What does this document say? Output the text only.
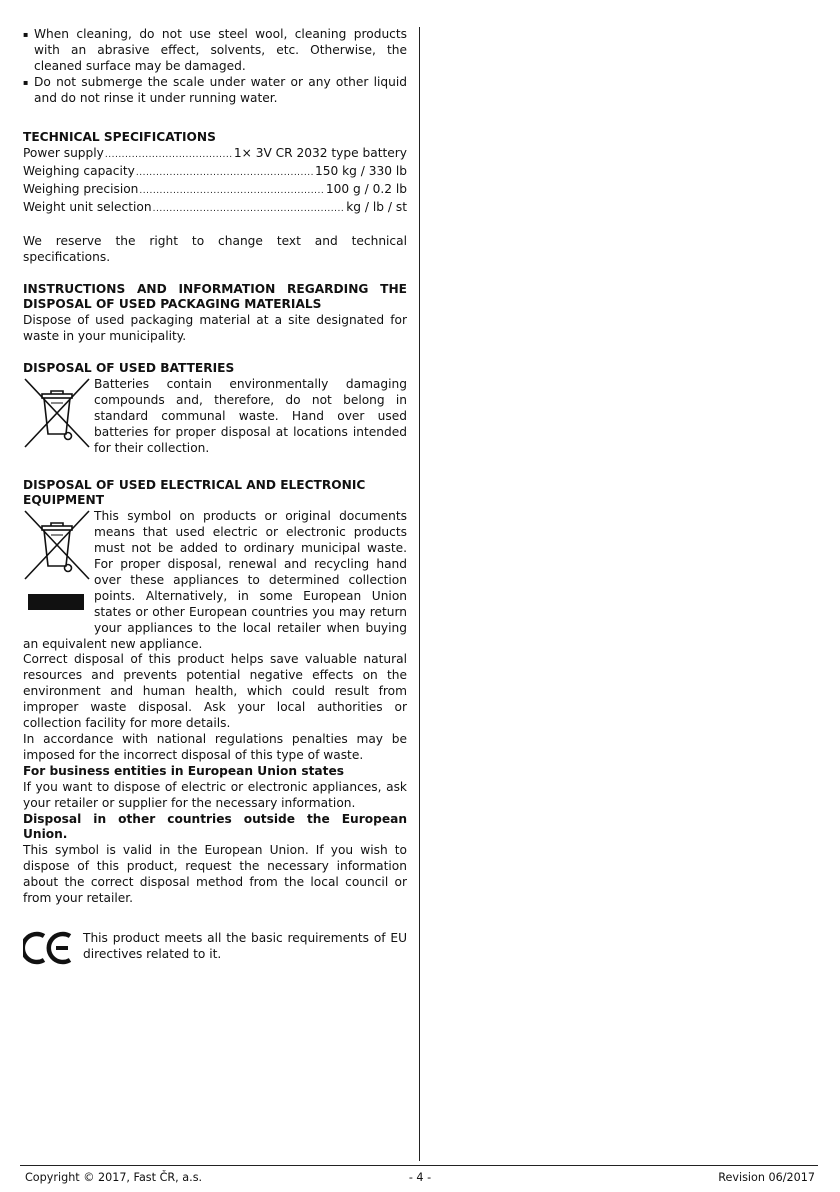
▪ When cleaning, do not use steel wool, cleaning products with an abrasive effect, solvents, etc. Otherwise, the cleaned surface may be damaged.
▪ Do not submerge the scale under water or any other liquid and do not rinse it under running water.
TECHNICAL SPECIFICATIONS
Power supply .....	1× 3V CR 2032 type battery
Weighing capacity .....	150 kg / 330 lb
Weighing precision .....	100 g / 0.2 lb
Weight unit selection .....	kg / lb / st

We reserve the right to change text and technical specifications.

INSTRUCTIONS AND INFORMATION REGARDING THE DISPOSAL OF USED PACKAGING MATERIALS

Dispose of used packaging material at a site designated for waste in your municipality.

DISPOSAL OF USED BATTERIES

Batteries contain environmentally damaging compounds and, therefore, do not belong in standard communal waste. Hand over used batteries for proper disposal at locations intended for their collection.

DISPOSAL OF USED ELECTRICAL AND ELECTRONIC EQUIPMENT

This symbol on products or original documents means that used electric or electronic products must not be added to ordinary municipal waste. For proper disposal, renewal and recycling hand over these appliances to determined collection points. Alternatively, in some European Union states or other European countries you may return your appliances to the local retailer when buying an equivalent new appliance.

Correct disposal of this product helps save valuable natural resources and prevents potential negative effects on the environment and human health, which could result from improper waste disposal. Ask your local authorities or collection facility for more details.

In accordance with national regulations penalties may be imposed for the incorrect disposal of this type of waste.

For business entities in European Union states

If you want to dispose of electric or electronic appliances, ask your retailer or supplier for the necessary information.

Disposal in other countries outside the European Union.

This symbol is valid in the European Union. If you wish to dispose of this product, request the necessary information about the correct disposal method from the local council or from your retailer.

This product meets all the basic requirements of EU directives related to it.

Copyright © 2017, Fast ČR, a.s.	- 4 -	Revision 06/2017
